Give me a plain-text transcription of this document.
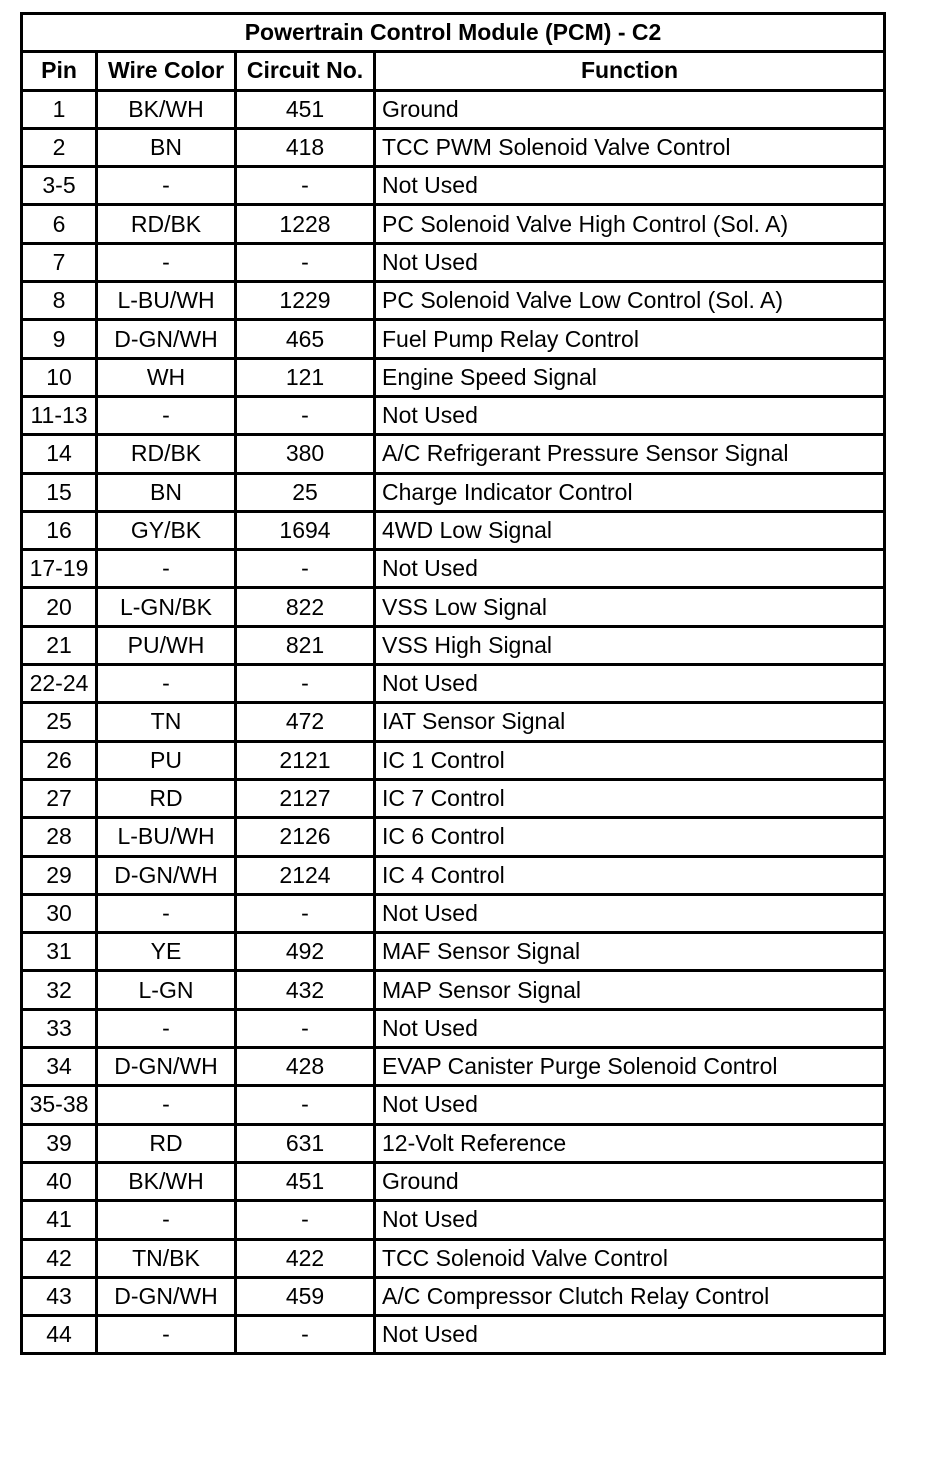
Powertrain Control Module (PCM) - C2			
Pin	Wire Color	Circuit No.	Function
1	BK/WH	451	Ground
2	BN	418	TCC PWM Solenoid Valve Control
3-5	-	-	Not Used
6	RD/BK	1228	PC Solenoid Valve High Control (Sol. A)
7	-	-	Not Used
8	L-BU/WH	1229	PC Solenoid Valve Low Control (Sol. A)
9	D-GN/WH	465	Fuel Pump Relay Control
10	WH	121	Engine Speed Signal
11-13	-	-	Not Used
14	RD/BK	380	A/C Refrigerant Pressure Sensor Signal
15	BN	25	Charge Indicator Control
16	GY/BK	1694	4WD Low Signal
17-19	-	-	Not Used
20	L-GN/BK	822	VSS Low Signal
21	PU/WH	821	VSS High Signal
22-24	-	-	Not Used
25	TN	472	IAT Sensor Signal
26	PU	2121	IC 1 Control
27	RD	2127	IC 7 Control
28	L-BU/WH	2126	IC 6 Control
29	D-GN/WH	2124	IC 4 Control
30	-	-	Not Used
31	YE	492	MAF Sensor Signal
32	L-GN	432	MAP Sensor Signal
33	-	-	Not Used
34	D-GN/WH	428	EVAP Canister Purge Solenoid Control
35-38	-	-	Not Used
39	RD	631	12-Volt Reference
40	BK/WH	451	Ground
41	-	-	Not Used
42	TN/BK	422	TCC Solenoid Valve Control
43	D-GN/WH	459	A/C Compressor Clutch Relay Control
44	-	-	Not Used
